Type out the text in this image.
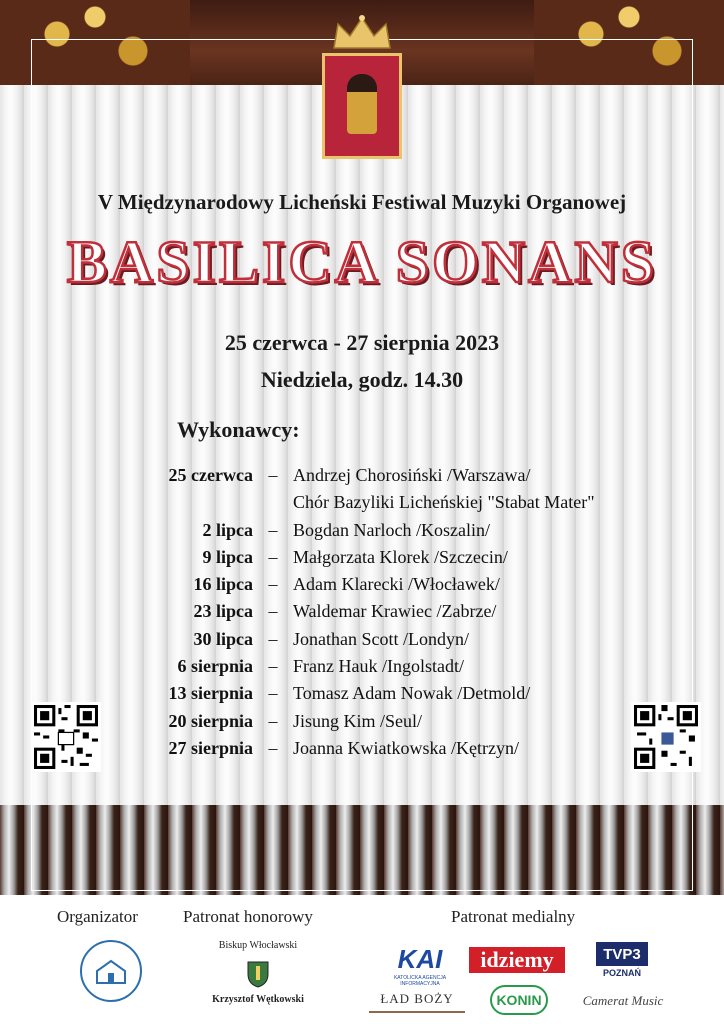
V Międzynarodowy Licheński Festiwal Muzyki Organowej
BASILICA SONANS
25 czerwca - 27 sierpnia 2023
Niedziela, godz. 14.30
Wykonawcy:
25 czerwca – Andrzej Chorosiński /Warszawa/
Chór Bazyliki Licheńskiej "Stabat Mater"
2 lipca – Bogdan Narloch /Koszalin/
9 lipca – Małgorzata Klorek /Szczecin/
16 lipca – Adam Klarecki /Włocławek/
23 lipca – Waldemar Krawiec /Zabrze/
30 lipca – Jonathan Scott /Londyn/
6 sierpnia – Franz Hauk /Ingolstadt/
13 sierpnia – Tomasz Adam Nowak /Detmold/
20 sierpnia – Jisung Kim /Seul/
27 sierpnia – Joanna Kwiatkowska /Kętrzyn/
Organizator	Patronat honorowy	Patronat medialny
Biskup Włocławski
Krzysztof Wętkowski
KAI
KATOLICKA AGENCJA INFORMACYJNA
idziemy	TVP3
POZNAŃ
ŁAD BOŻY	KONIN	Camerat Music
